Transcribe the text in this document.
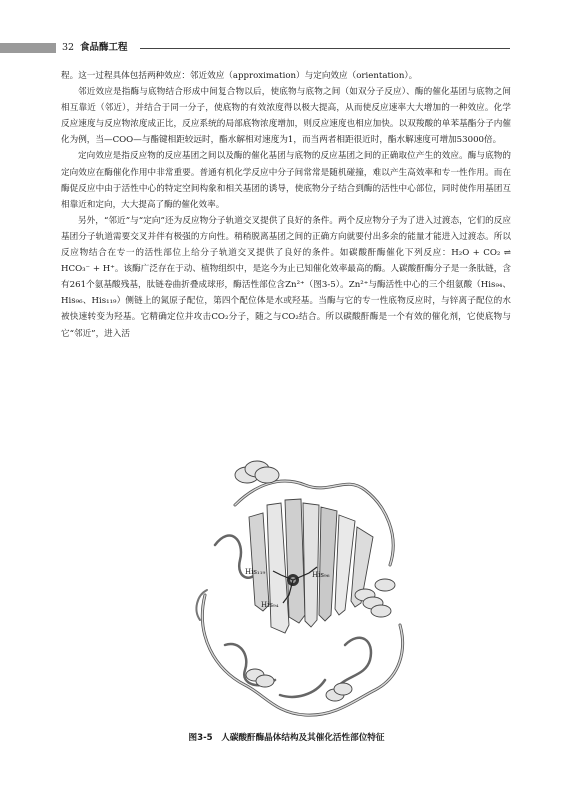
32 食品酶工程

程。这一过程具体包括两种效应：邻近效应（approximation）与定向效应（orientation）。

邻近效应是指酶与底物结合形成中间复合物以后，使底物与底物之间（如双分子反应）、酶的催化基团与底物之间相互靠近（邻近），并结合于同一分子，使底物的有效浓度得以极大提高，从而使反应速率大大增加的一种效应。化学反应速度与反应物浓度成正比，反应系统的局部底物浓度增加，则反应速度也相应加快。以双羧酸的单苯基酯分子内催化为例，当—COO—与酯键相距较远时，酯水解相对速度为1，而当两者相距很近时，酯水解速度可增加53000倍。

定向效应是指反应物的反应基团之间以及酶的催化基团与底物的反应基团之间的正确取位产生的效应。酶与底物的定向效应在酶催化作用中非常重要。普通有机化学反应中分子间常常是随机碰撞，难以产生高效率和专一性作用。而在酶促反应中由于活性中心的特定空间构象和相关基团的诱导，使底物分子结合到酶的活性中心部位，同时使作用基团互相靠近和定向，大大提高了酶的催化效率。

另外，“邻近”与“定向”还为反应物分子轨道交叉提供了良好的条件。两个反应物分子为了进入过渡态，它们的反应基团分子轨道需要交叉并伴有极强的方向性。稍稍脱离基团之间的正确方向就要付出多余的能量才能进入过渡态。所以反应物结合在专一的活性部位上给分子轨道交叉提供了良好的条件。如碳酸酐酶催化下列反应：H₂O + CO₂ ⇌ HCO₃⁻ + H⁺。该酶广泛存在于动、植物组织中，是迄今为止已知催化效率最高的酶。人碳酸酐酶分子是一条肽链，含有261个氨基酸残基，肽链卷曲折叠成球形，酶活性部位含Zn²⁺（图3-5）。Zn²⁺与酶活性中心的三个组氨酸（His₉₄、His₉₆、His₁₁₉）侧链上的氮原子配位，第四个配位体是水或羟基。当酶与它的专一性底物反应时，与锌离子配位的水被快速转变为羟基。它精确定位并攻击CO₂分子，随之与CO₂结合。所以碳酸酐酶是一个有效的催化剂，它使底物与它“邻近”，进入活

His₁₁₉	His₉₆
His₉₄
图3-5　人碳酸酐酶晶体结构及其催化活性部位特征
